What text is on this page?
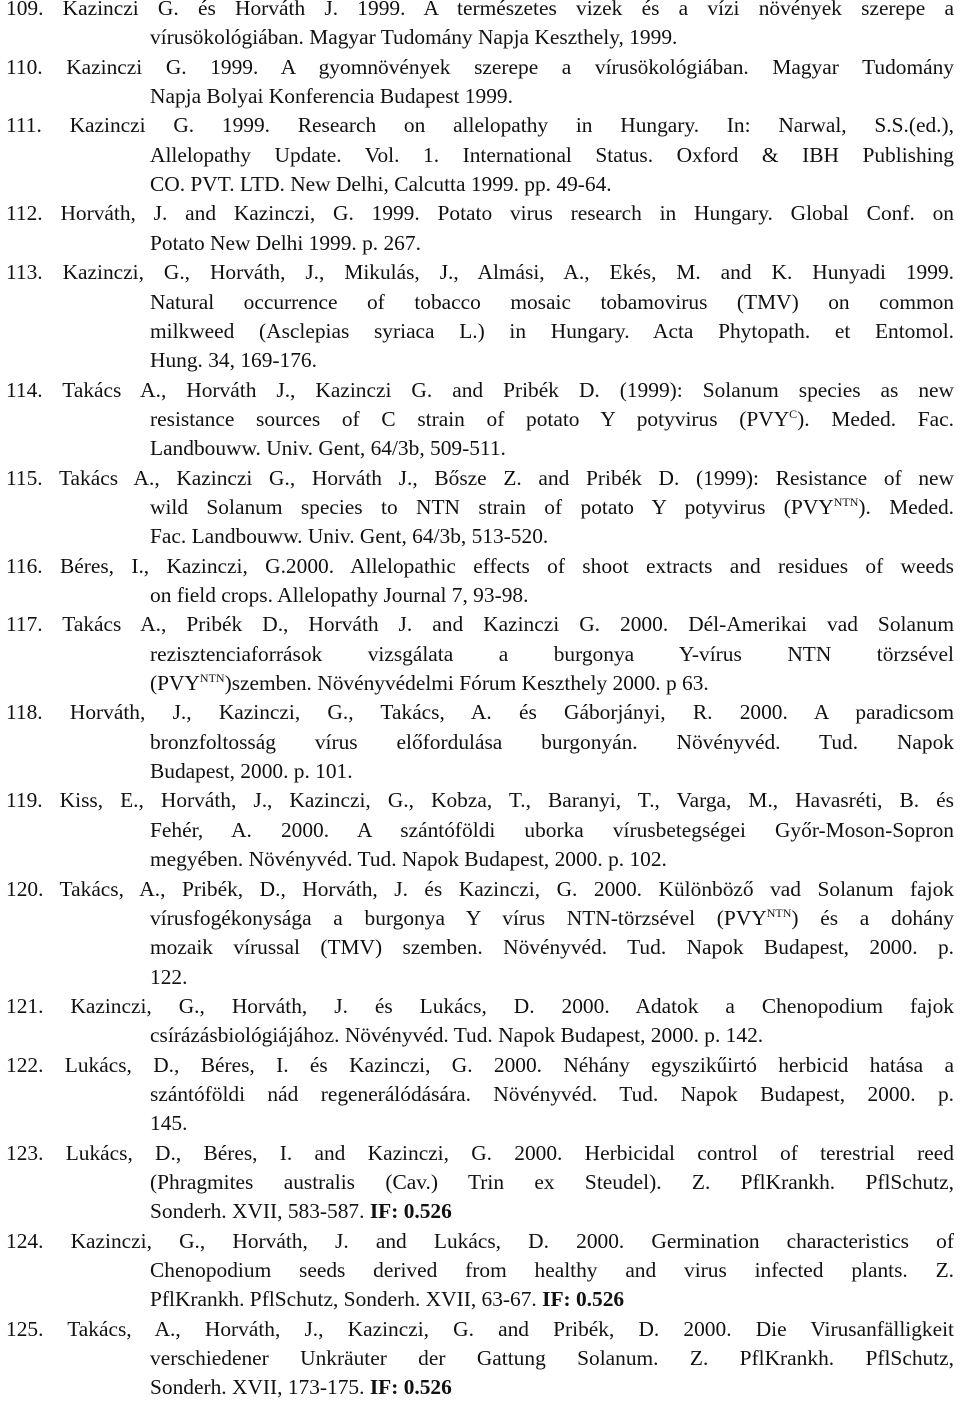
109. Kazinczi G. és Horváth J. 1999. A természetes vizek és a vízi növények szerepe a
vírusökológiában. Magyar Tudomány Napja Keszthely, 1999.
110. Kazinczi G. 1999. A gyomnövények szerepe a vírusökológiában. Magyar Tudomány
Napja Bolyai Konferencia Budapest 1999.
111. Kazinczi G. 1999. Research on allelopathy in Hungary. In: Narwal, S.S.(ed.),
Allelopathy Update. Vol. 1. International Status. Oxford & IBH Publishing
CO. PVT. LTD. New Delhi, Calcutta 1999. pp. 49-64.
112. Horváth, J. and Kazinczi, G. 1999. Potato virus research in Hungary. Global Conf. on
Potato New Delhi 1999. p. 267.
113. Kazinczi, G., Horváth, J., Mikulás, J., Almási, A., Ekés, M. and K. Hunyadi 1999.
Natural occurrence of tobacco mosaic tobamovirus (TMV) on common
milkweed (Asclepias syriaca L.) in Hungary. Acta Phytopath. et Entomol.
Hung. 34, 169-176.
114. Takács A., Horváth J., Kazinczi G. and Pribék D. (1999): Solanum species as new
resistance sources of C strain of potato Y potyvirus $(PVY^C)$. Meded. Fac.
Landbouww. Univ. Gent, 64/3b, 509-511.
115. Takács A., Kazinczi G., Horváth J., Bősze Z. and Pribék D. (1999): Resistance of new
wild Solanum species to NTN strain of potato Y potyvirus $(PVY^{NTN})$. Meded.
Fac. Landbouww. Univ. Gent, 64/3b, 513-520.
116. Béres, I., Kazinczi, G.2000. Allelopathic effects of shoot extracts and residues of weeds
on field crops. Allelopathy Journal 7, 93-98.
117. Takács A., Pribék D., Horváth J. and Kazinczi G. 2000. Dél-Amerikai vad Solanum
rezisztenciaforrások vizsgálata a burgonya Y-vírus NTN törzsével
$(PVY^{NTN})szemben$. Növényvédelmi Fórum Keszthely 2000. p 63.
118. Horváth, J., Kazinczi, G., Takács, A. és Gáborjányi, R. 2000. A paradicsom
bronzfoltosság vírus előfordulása burgonyán. Növényvéd. Tud. Napok
Budapest, 2000. p. 101.
119. Kiss, E., Horváth, J., Kazinczi, G., Kobza, T., Baranyi, T., Varga, M., Havasréti, B. és
Fehér, A. 2000. A szántóföldi uborka vírusbetegségei Győr-Moson-Sopron
megyében. Növényvéd. Tud. Napok Budapest, 2000. p. 102.
120. Takács, A., Pribék, D., Horváth, J. és Kazinczi, G. 2000. Különböző vad Solanum fajok
vírusfogékonysága a burgonya Y vírus NTN-törzsével $(PVY^{NTN})$ és a dohány
mozaik vírussal (TMV) szemben. Növényvéd. Tud. Napok Budapest, 2000. p.
122.
121. Kazinczi, G., Horváth, J. és Lukács, D. 2000. Adatok a Chenopodium fajok
csírázásbiológiájához. Növényvéd. Tud. Napok Budapest, 2000. p. 142.
122. Lukács, D., Béres, I. és Kazinczi, G. 2000. Néhány egyszikűirtó herbicid hatása a
szántóföldi nád regenerálódására. Növényvéd. Tud. Napok Budapest, 2000. p.
145.
123. Lukács, D., Béres, I. and Kazinczi, G. 2000. Herbicidal control of terestrial reed
(Phragmites australis (Cav.) Trin ex Steudel). Z. PflKrankh. PflSchutz,
Sonderh. XVII, 583-587. IF: 0.526
124. Kazinczi, G., Horváth, J. and Lukács, D. 2000. Germination characteristics of
Chenopodium seeds derived from healthy and virus infected plants. Z.
PflKrankh. PflSchutz, Sonderh. XVII, 63-67. IF: 0.526
125. Takács, A., Horváth, J., Kazinczi, G. and Pribék, D. 2000. Die Virusanfälligkeit
verschiedener Unkräuter der Gattung Solanum. Z. PflKrankh. PflSchutz,
Sonderh. XVII, 173-175. IF: 0.526
